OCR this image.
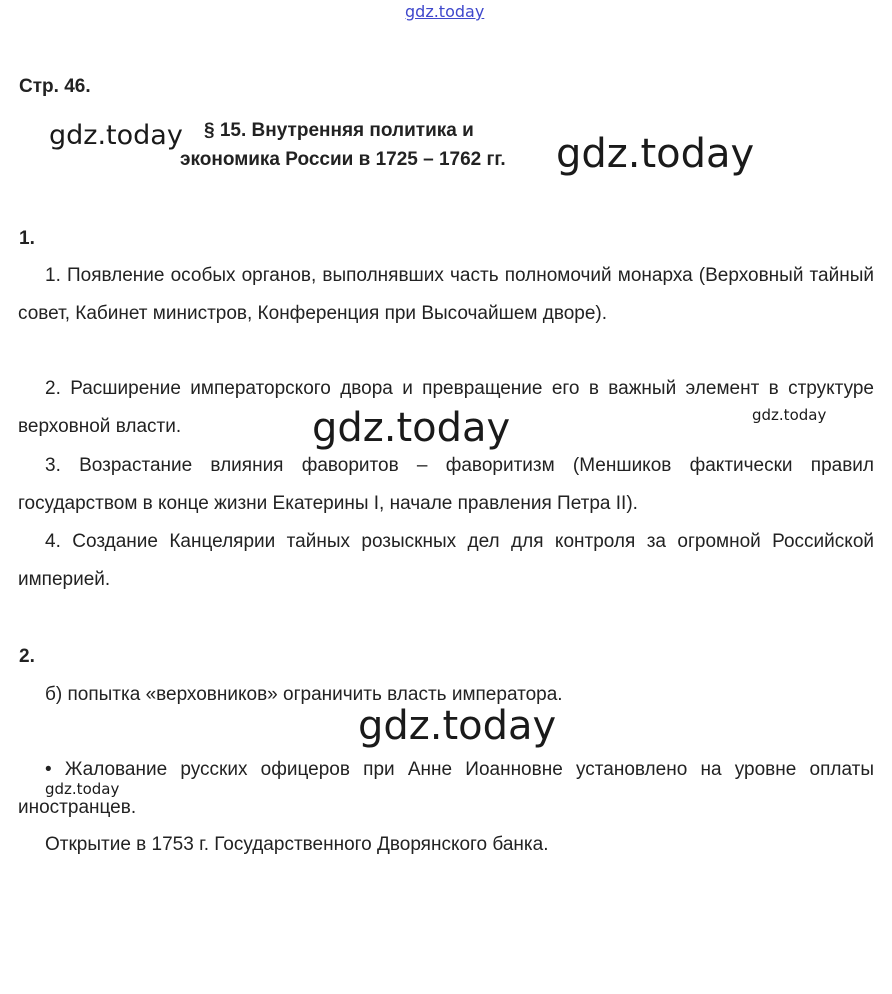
gdz.today
Стр. 46.
§ 15. Внутренняя политика и
экономика России в 1725 – 1762 гг.
gdz.today	gdz.today
1.
1. Появление особых органов, выполнявших часть полномочий монарха (Верховный тайный совет, Кабинет министров, Конференция при Высочайшем дворе).
2. Расширение императорского двора и превращение его в важный элемент в структуре верховной власти.
3. Возрастание влияния фаворитов – фаворитизм (Меншиков фактически правил государством в конце жизни Екатерины I, начале правления Петра II).
4. Создание Канцелярии тайных розыскных дел для контроля за огромной Российской империей.
gdz.today	gdz.today
2.
б) попытка «верховников» ограничить власть императора.
• Жалование русских офицеров при Анне Иоанновне установлено на уровне оплаты иностранцев.
Открытие в 1753 г. Государственного Дворянского банка.
gdz.today
gdz.today
